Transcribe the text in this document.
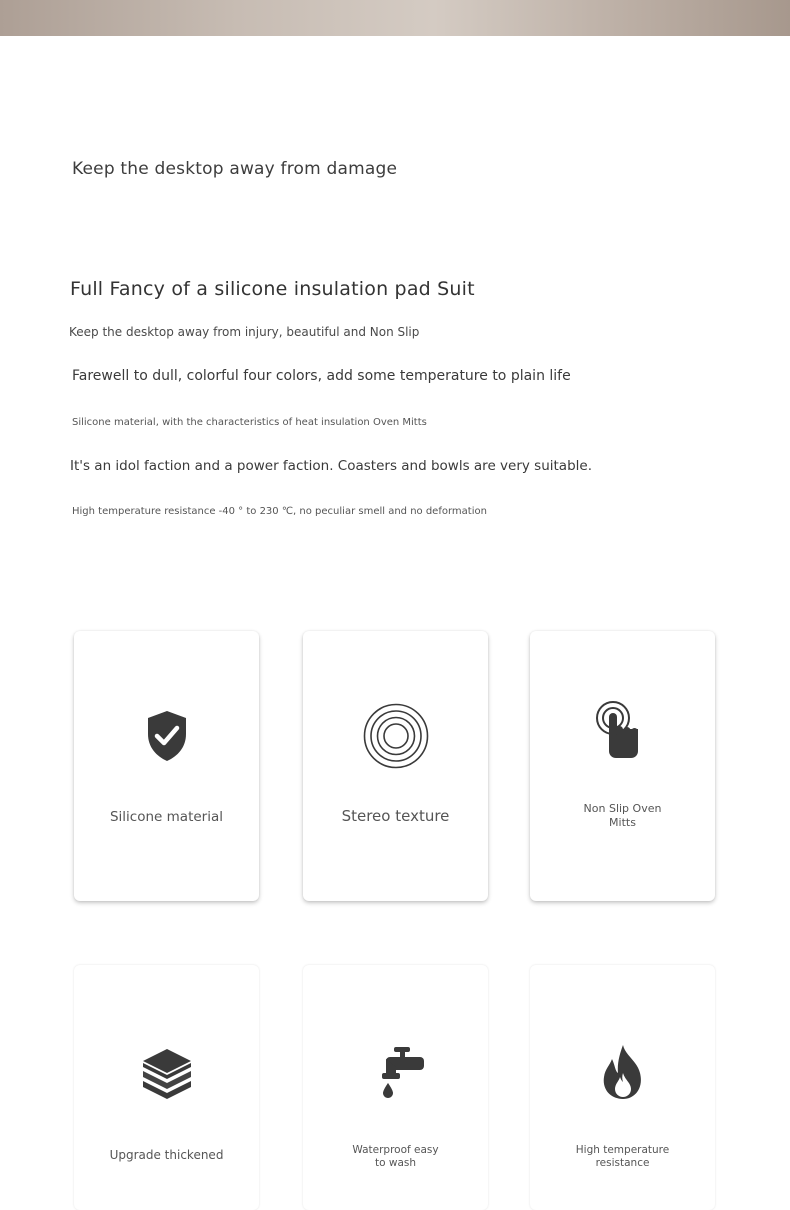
Keep the desktop away from damage
Full Fancy of a silicone insulation pad Suit

Keep the desktop away from injury, beautiful and Non Slip

Farewell to dull, colorful four colors, add some temperature to plain life

Silicone material, with the characteristics of heat insulation Oven Mitts

It's an idol faction and a power faction. Coasters and bowls are very suitable.

High temperature resistance -40 ° to 230 ℃, no peculiar smell and no deformation

Silicone material	Stereo texture	Non Slip Oven Mitts
Upgrade thickened	Waterproof easy to wash
High temperature resistance
